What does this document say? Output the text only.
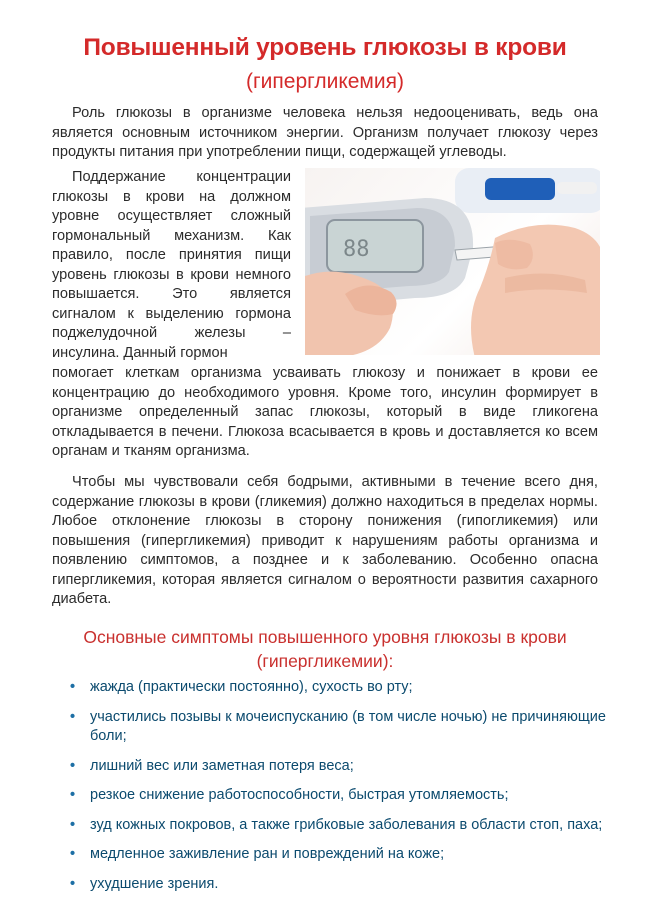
Повышенный уровень глюкозы в крови
(гипергликемия)

Роль глюкозы в организме человека нельзя недооценивать, ведь она является основным источником энергии. Организм получает глюкозу через продукты питания при употреблении пищи, содержащей углеводы.

Поддержание концентрации глюкозы в крови на должном уровне осуществляет сложный гормональный механизм. Как правило, после принятия пищи уровень глюкозы в крови немного повышается. Это является сигналом к выделению гормона поджелудочной железы – инсулина. Данный гормон

88

помогает клеткам организма усваивать глюкозу и понижает в крови ее концентрацию до необходимого уровня. Кроме того, инсулин формирует в организме определенный запас глюкозы, который в виде гликогена откладывается в печени. Глюкоза всасывается в кровь и доставляется ко всем органам и тканям организма.

Чтобы мы чувствовали себя бодрыми, активными в течение всего дня, содержание глюкозы в крови (гликемия) должно находиться в пределах нормы. Любое отклонение глюкозы в сторону понижения (гипогликемия) или повышения (гипергликемия) приводит к нарушениям работы организма и появлению симптомов, а позднее и к заболеванию. Особенно опасна гипергликемия, которая является сигналом о вероятности развития сахарного диабета.

Основные симптомы повышенного уровня глюкозы в крови (гипергликемии):
• жажда (практически постоянно), сухость во рту;
• участились позывы к мочеиспусканию (в том числе ночью) не причиняющие боли;
• лишний вес или заметная потеря веса;
• резкое снижение работоспособности, быстрая утомляемость;
• зуд кожных покровов, а также грибковые заболевания в области стоп, паха;
• медленное заживление ран и повреждений на коже;
• ухудшение зрения.
